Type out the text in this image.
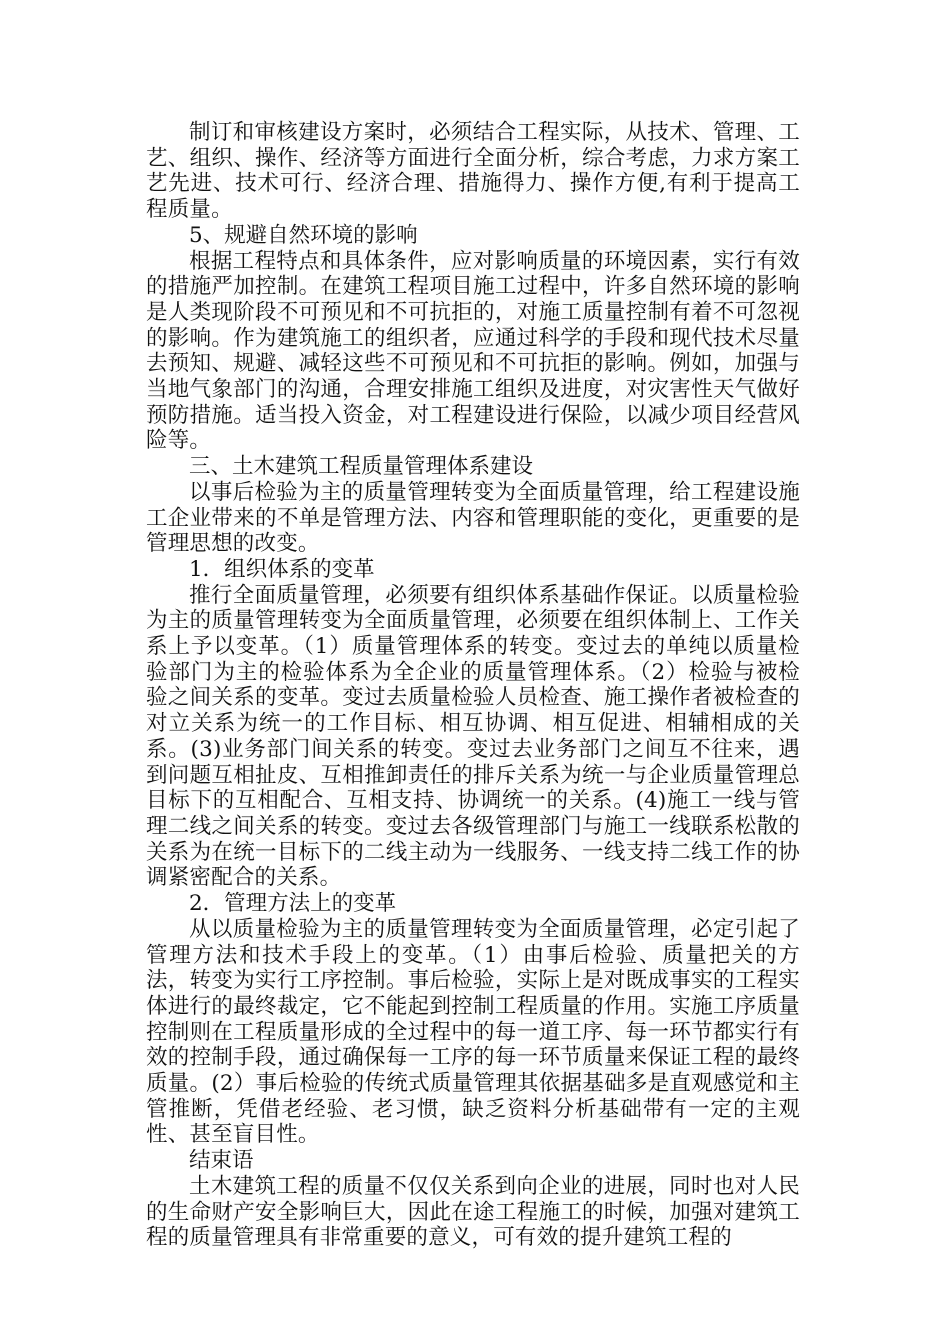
制订和审核建设方案时，必须结合工程实际，从技术、管理、工艺、组织、操作、经济等方面进行全面分析，综合考虑，力求方案工艺先进、技术可行、经济合理、措施得力、操作方便,有利于提高工程质量。

5、规避自然环境的影响

根据工程特点和具体条件，应对影响质量的环境因素，实行有效的措施严加控制。在建筑工程项目施工过程中，许多自然环境的影响是人类现阶段不可预见和不可抗拒的，对施工质量控制有着不可忽视的影响。作为建筑施工的组织者，应通过科学的手段和现代技术尽量去预知、规避、减轻这些不可预见和不可抗拒的影响。例如，加强与当地气象部门的沟通，合理安排施工组织及进度，对灾害性天气做好预防措施。适当投入资金，对工程建设进行保险，以减少项目经营风险等。

三、土木建筑工程质量管理体系建设

以事后检验为主的质量管理转变为全面质量管理，给工程建设施工企业带来的不单是管理方法、内容和管理职能的变化，更重要的是管理思想的改变。

1．组织体系的变革

推行全面质量管理，必须要有组织体系基础作保证。以质量检验为主的质量管理转变为全面质量管理，必须要在组织体制上、工作关系上予以变革。（1）质量管理体系的转变。变过去的单纯以质量检验部门为主的检验体系为全企业的质量管理体系。（2）检验与被检验之间关系的变革。变过去质量检验人员检查、施工操作者被检查的对立关系为统一的工作目标、相互协调、相互促进、相辅相成的关系。(3)业务部门间关系的转变。变过去业务部门之间互不往来，遇到问题互相扯皮、互相推卸责任的排斥关系为统一与企业质量管理总目标下的互相配合、互相支持、协调统一的关系。(4)施工一线与管理二线之间关系的转变。变过去各级管理部门与施工一线联系松散的关系为在统一目标下的二线主动为一线服务、一线支持二线工作的协调紧密配合的关系。

2．管理方法上的变革

从以质量检验为主的质量管理转变为全面质量管理，必定引起了管理方法和技术手段上的变革。（1）由事后检验、质量把关的方法，转变为实行工序控制。事后检验，实际上是对既成事实的工程实体进行的最终裁定，它不能起到控制工程质量的作用。实施工序质量控制则在工程质量形成的全过程中的每一道工序、每一环节都实行有效的控制手段，通过确保每一工序的每一环节质量来保证工程的最终质量。(2）事后检验的传统式质量管理其依据基础多是直观感觉和主管推断，凭借老经验、老习惯，缺乏资料分析基础带有一定的主观性、甚至盲目性。

结束语

土木建筑工程的质量不仅仅关系到向企业的进展，同时也对人民的生命财产安全影响巨大，因此在途工程施工的时候，加强对建筑工程的质量管理具有非常重要的意义，可有效的提升建筑工程的
